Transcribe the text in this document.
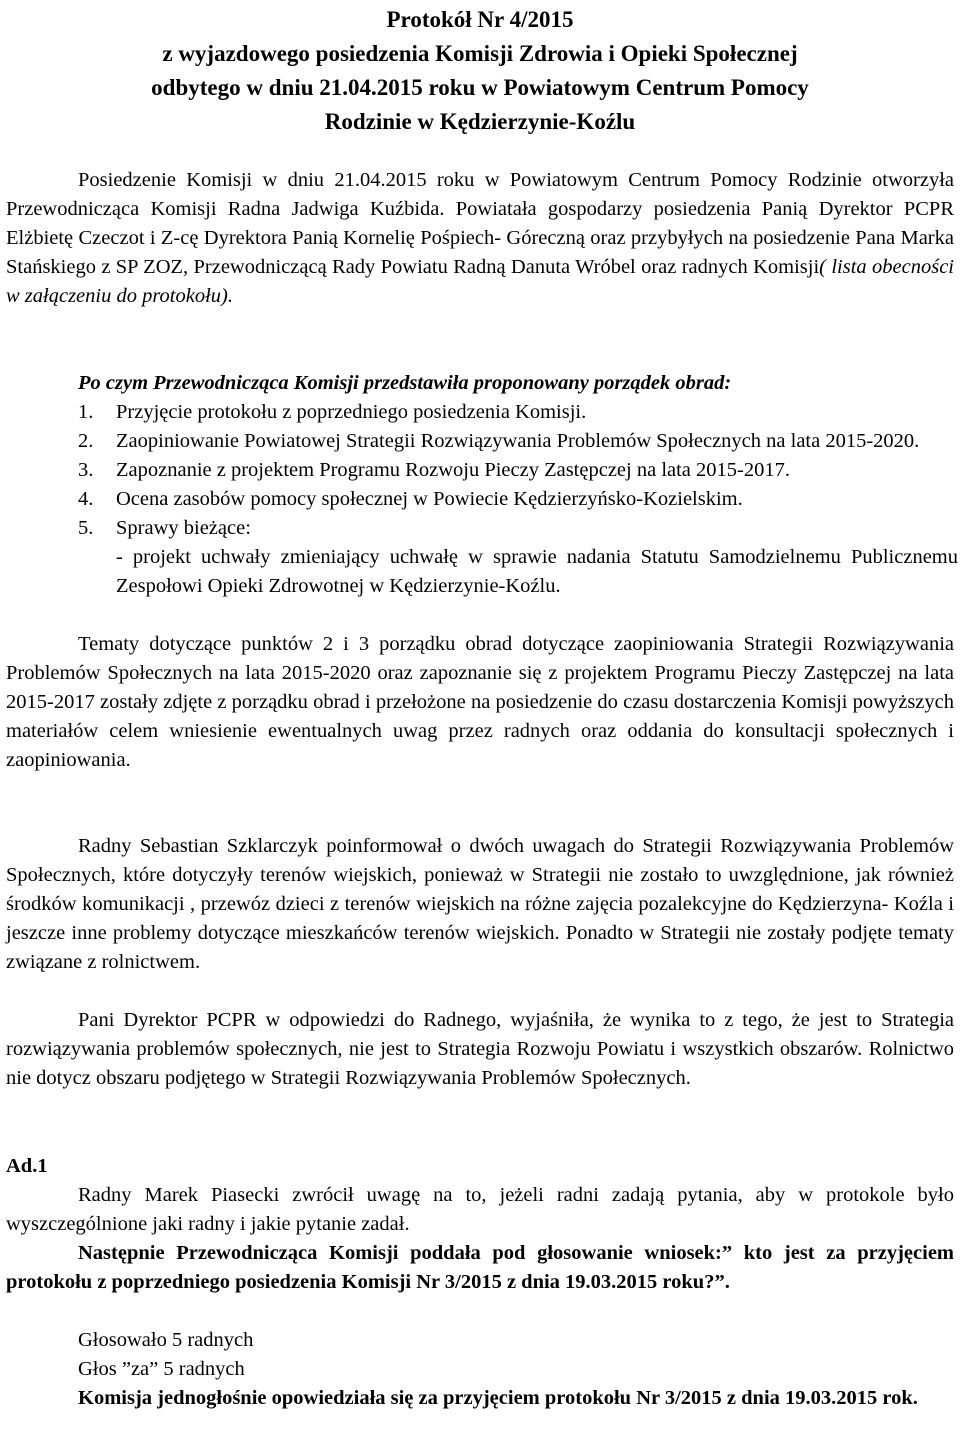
Protokół Nr 4/2015
z wyjazdowego posiedzenia Komisji Zdrowia i Opieki Społecznej
odbytego w dniu 21.04.2015 roku w Powiatowym Centrum Pomocy
Rodzinie w Kędzierzynie-Koźlu
Posiedzenie Komisji w dniu 21.04.2015 roku w Powiatowym Centrum Pomocy Rodzinie otworzyła Przewodnicząca Komisji Radna Jadwiga Kuźbida. Powiatała gospodarzy posiedzenia Panią Dyrektor PCPR Elżbietę Czeczot i Z-cę Dyrektora Panią Kornelię Pośpiech- Góreczną oraz przybyłych na posiedzenie Pana Marka Stańskiego z SP ZOZ, Przewodniczącą Rady Powiatu Radną Danuta Wróbel oraz radnych Komisji( lista obecności w załączeniu do protokołu).
Po czym Przewodnicząca Komisji przedstawiła proponowany porządek obrad:
1. Przyjęcie protokołu z poprzedniego posiedzenia Komisji.
2. Zaopiniowanie Powiatowej Strategii Rozwiązywania Problemów Społecznych na lata 2015-2020.
3. Zapoznanie z projektem Programu Rozwoju Pieczy Zastępczej na lata 2015-2017.
4. Ocena zasobów pomocy społecznej w Powiecie Kędzierzyńsko-Kozielskim.
5. Sprawy bieżące:
- projekt uchwały zmieniający uchwałę w sprawie nadania Statutu Samodzielnemu Publicznemu Zespołowi Opieki Zdrowotnej w Kędzierzynie-Koźlu.
Tematy dotyczące punktów 2 i 3 porządku obrad dotyczące zaopiniowania Strategii Rozwiązywania Problemów Społecznych na lata 2015-2020 oraz zapoznanie się z projektem Programu Pieczy Zastępczej na lata 2015-2017 zostały zdjęte z porządku obrad i przełożone na posiedzenie do czasu dostarczenia Komisji powyższych materiałów celem wniesienie ewentualnych uwag przez radnych oraz oddania do konsultacji społecznych i zaopiniowania.
Radny Sebastian Szklarczyk poinformował o dwóch uwagach do Strategii Rozwiązywania Problemów Społecznych, które dotyczyły terenów wiejskich, ponieważ w Strategii nie zostało to uwzględnione, jak również środków komunikacji , przewóz dzieci z terenów wiejskich na różne zajęcia pozalekcyjne do Kędzierzyna- Koźla i jeszcze inne problemy dotyczące mieszkańców terenów wiejskich. Ponadto w Strategii nie zostały podjęte tematy związane z rolnictwem.
Pani Dyrektor PCPR w odpowiedzi do Radnego, wyjaśniła, że wynika to z tego, że jest to Strategia rozwiązywania problemów społecznych, nie jest to Strategia Rozwoju Powiatu i wszystkich obszarów. Rolnictwo nie dotycz obszaru podjętego w Strategii Rozwiązywania Problemów Społecznych.
Ad.1
Radny Marek Piasecki zwrócił uwagę na to, jeżeli radni zadają pytania, aby w protokole było wyszczególnione jaki radny i jakie pytanie zadał.
Następnie Przewodnicząca Komisji poddała pod głosowanie wniosek:” kto jest za przyjęciem protokołu z poprzedniego posiedzenia Komisji Nr 3/2015 z dnia 19.03.2015 roku?”.
Głosowało 5 radnych
Głos ”za” 5 radnych
Komisja jednogłośnie opowiedziała się za przyjęciem protokołu Nr 3/2015 z dnia 19.03.2015 rok.
